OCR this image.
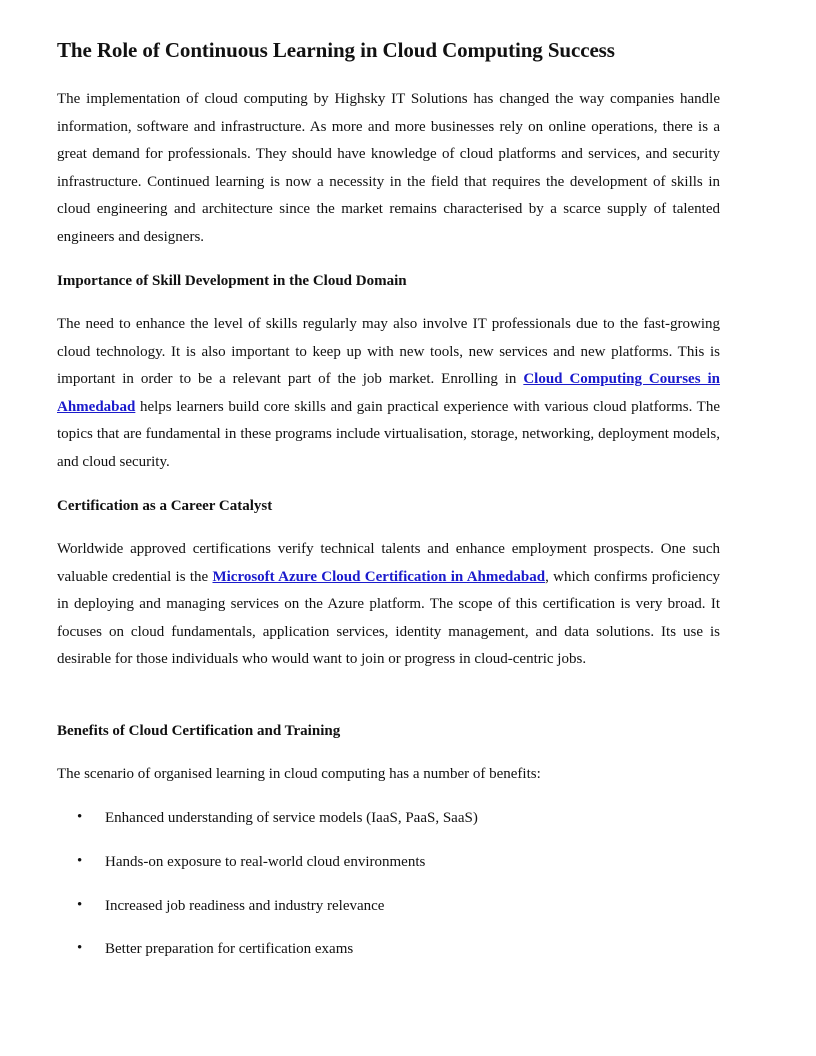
The Role of Continuous Learning in Cloud Computing Success

The implementation of cloud computing by Highsky IT Solutions has changed the way companies handle information, software and infrastructure. As more and more businesses rely on online operations, there is a great demand for professionals. They should have knowledge of cloud platforms and services, and security infrastructure. Continued learning is now a necessity in the field that requires the development of skills in cloud engineering and architecture since the market remains characterised by a scarce supply of talented engineers and designers.

Importance of Skill Development in the Cloud Domain

The need to enhance the level of skills regularly may also involve IT professionals due to the fast-growing cloud technology. It is also important to keep up with new tools, new services and new platforms. This is important in order to be a relevant part of the job market. Enrolling in Cloud Computing Courses in Ahmedabad helps learners build core skills and gain practical experience with various cloud platforms. The topics that are fundamental in these programs include virtualisation, storage, networking, deployment models, and cloud security.

Certification as a Career Catalyst

Worldwide approved certifications verify technical talents and enhance employment prospects. One such valuable credential is the Microsoft Azure Cloud Certification in Ahmedabad, which confirms proficiency in deploying and managing services on the Azure platform. The scope of this certification is very broad. It focuses on cloud fundamentals, application services, identity management, and data solutions. Its use is desirable for those individuals who would want to join or progress in cloud-centric jobs.

Benefits of Cloud Certification and Training

The scenario of organised learning in cloud computing has a number of benefits:

• Enhanced understanding of service models (IaaS, PaaS, SaaS)
• Hands-on exposure to real-world cloud environments
• Increased job readiness and industry relevance
• Better preparation for certification exams
